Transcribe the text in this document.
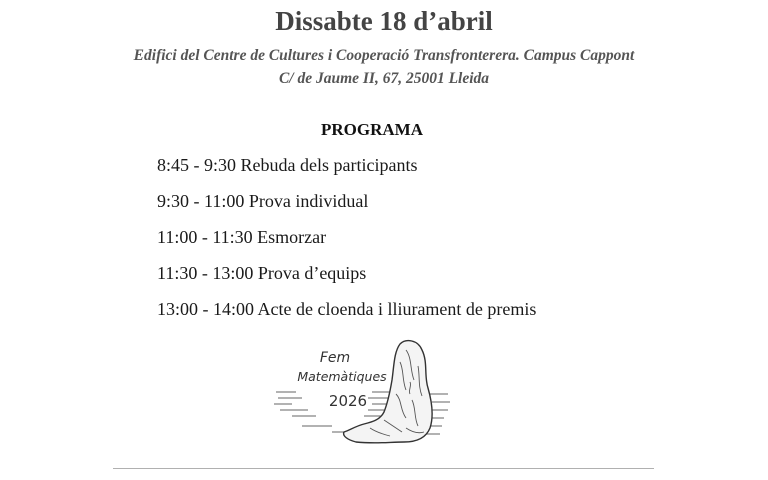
Dissabte 18 d’abril
Edifici del Centre de Cultures i Cooperació Transfronterera. Campus Cappont
C/ de Jaume II, 67, 25001 Lleida
PROGRAMA
8:45 - 9:30 Rebuda dels participants
9:30 - 11:00 Prova individual
11:00 - 11:30 Esmorzar
11:30 - 13:00 Prova d’equips
13:00 - 14:00 Acte de cloenda i lliurament de premis
Fem
Matemàtiques
2026
